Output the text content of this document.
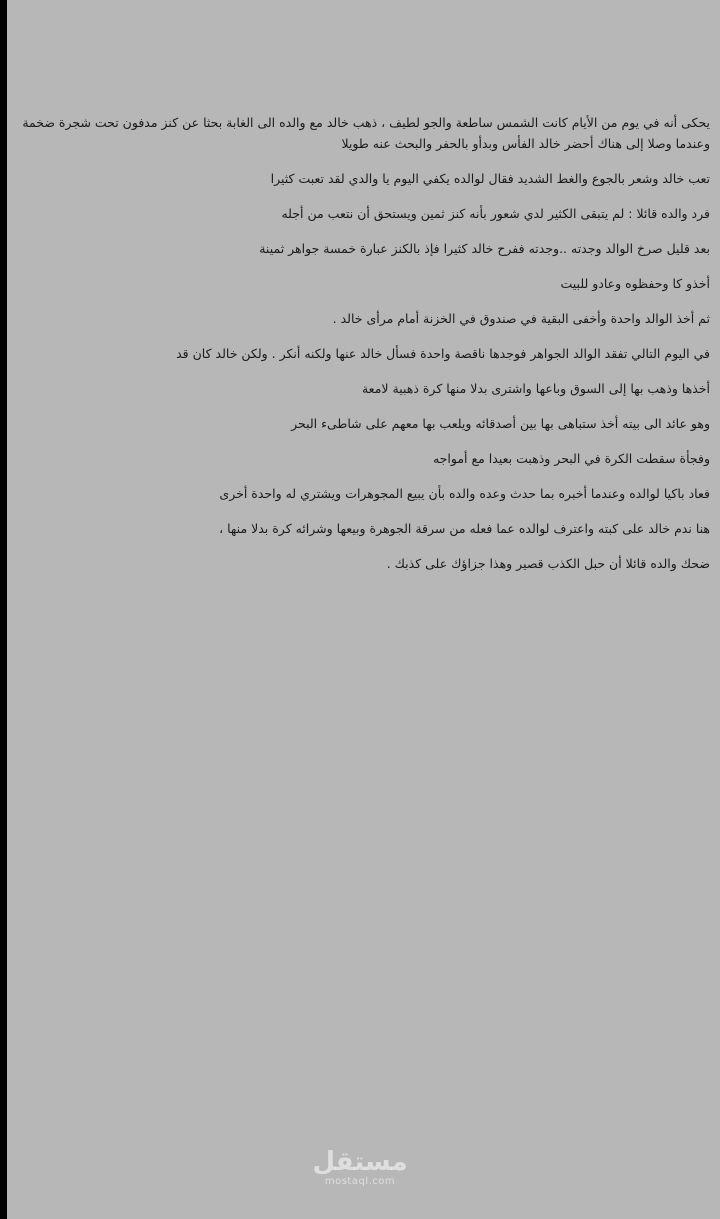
يحكى أنه في يوم من الأيام كانت الشمس ساطعة والجو لطيف ، ذهب خالد مع والده الى الغابة بحثا عن كنز مدفون تحت شجرة ضخمة وعندما وصلا إلى هناك أحضر خالد الفأس وبدأو بالحفر والبحث عنه طويلا

تعب خالد وشعر بالجوع والغط الشديد فقال لوالده يكفي اليوم يا والدي لقد تعبت كثيرا

فرد والده قائلا : لم يتبقى الكثير لدي شعور بأنه كنز ثمين ويستحق أن نتعب من أجله

بعد قليل صرخ الوالد وجدته ..وجدته ففرح خالد كثيرا فإذ بالكنز عبارة خمسة جواهر ثمينة

أخذو كا وحفظوه وعادو للبيت

ثم أخذ الوالد واحدة وأخفى البقية في صندوق في الخزنة أمام مرأى خالد .

في اليوم التالي تفقد الوالد الجواهر فوجدها ناقصة واحدة فسأل خالد عنها ولكنه أنكر . ولكن خالد كان قد

أخذها وذهب بها إلى السوق وباعها واشترى بدلا منها كرة ذهبية لامعة

وهو عائد الى بيته أخذ ستباهى بها بين أصدقائه ويلعب بها معهم على شاطىء البحر

وفجأة سقطت الكرة في البحر وذهبت بعيدا مع أمواجه

فعاد باكيا لوالده وعندما أخبره بما حدث وعده والده بأن يبيع المجوهرات ويشتري له واحدة أخرى

هنا ندم خالد على كبته واعترف لوالده عما فعله من سرقة الجوهرة وبيعها وشرائه كرة بدلا منها ،

ضحك والده قائلا أن حبل الكذب قصير وهذا جزاؤك على كذبك .

مستقل
mostaql.com
